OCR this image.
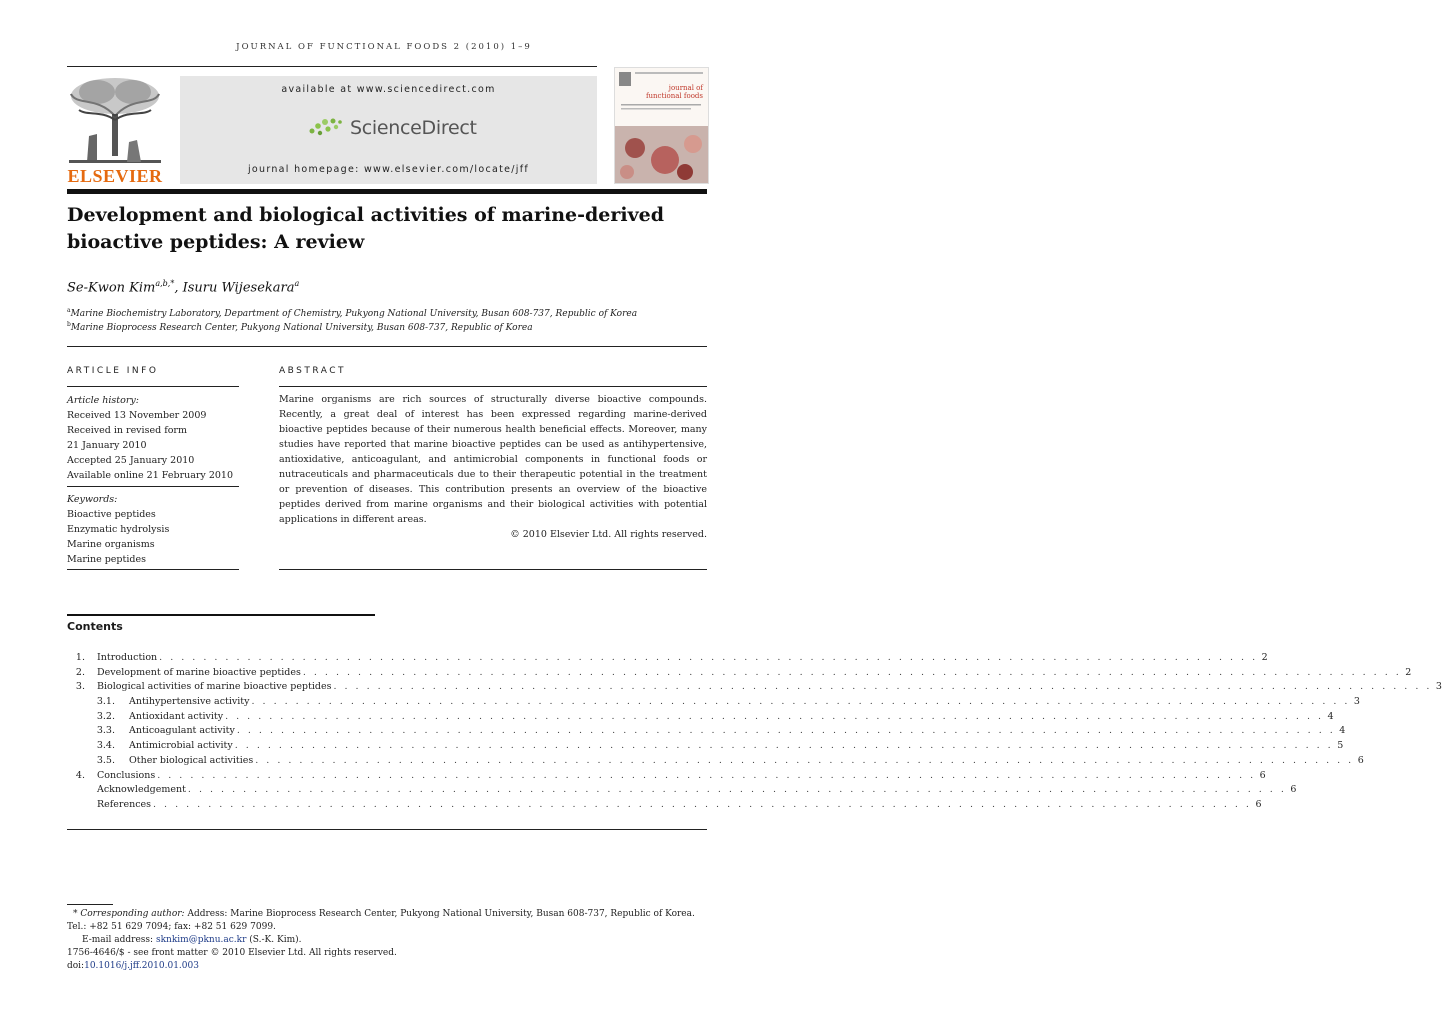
JOURNAL OF FUNCTIONAL FOODS 2 (2010) 1–9
ELSEVIER
available at www.sciencedirect.com
ScienceDirect
journal homepage: www.elsevier.com/locate/jff
journal of
functional foods
Development and biological activities of marine-derived
bioactive peptides: A review
Se-Kwon Kim$^{a,b,*}$, Isuru Wijesekara$^a$
$^a$Marine Biochemistry Laboratory, Department of Chemistry, Pukyong National University, Busan 608-737, Republic of Korea
$^b$Marine Bioprocess Research Center, Pukyong National University, Busan 608-737, Republic of Korea
ARTICLE INFO
Article history:
Received 13 November 2009
Received in revised form
21 January 2010
Accepted 25 January 2010
Available online 21 February 2010
Keywords:
Bioactive peptides
Enzymatic hydrolysis
Marine organisms
Marine peptides
ABSTRACT
Marine organisms are rich sources of structurally diverse bioactive compounds. Recently, a great deal of interest has been expressed regarding marine-derived bioactive peptides because of their numerous health beneficial effects. Moreover, many studies have reported that marine bioactive peptides can be used as antihypertensive, antioxidative, anticoagulant, and antimicrobial components in functional foods or nutraceuticals and pharmaceuticals due to their therapeutic potential in the treatment or prevention of diseases. This contribution presents an overview of the bioactive peptides derived from marine organisms and their biological activities with potential applications in different areas.
© 2010 Elsevier Ltd. All rights reserved.
Contents
1. Introduction . . . . . . . . . . . . . . . . . . . . . . . . . . . . . . . . . . . . . . . . . . . . . . . . . . . . . . . . . . . . . . . . . . . . . . . . . . . . . . . . . . . . . . . . . . . . . . . . . . . . 2
2. Development of marine bioactive peptides . . . . . . . . . . . . . . . . . . . . . . . . . . . . . . . . . . . . . . . . . . . . . . . . . . . . . . . . . . . . . . . . . . . . . . . . . . . . . . . . . . . . . . . . . . . . . . . . . . . . 2
3. Biological activities of marine bioactive peptides . . . . . . . . . . . . . . . . . . . . . . . . . . . . . . . . . . . . . . . . . . . . . . . . . . . . . . . . . . . . . . . . . . . . . . . . . . . . . . . . . . . . . . . . . . . . . . . . . . . . 3
3.1. Antihypertensive activity . . . . . . . . . . . . . . . . . . . . . . . . . . . . . . . . . . . . . . . . . . . . . . . . . . . . . . . . . . . . . . . . . . . . . . . . . . . . . . . . . . . . . . . . . . . . . . . . . . . . 3
3.2. Antioxidant activity . . . . . . . . . . . . . . . . . . . . . . . . . . . . . . . . . . . . . . . . . . . . . . . . . . . . . . . . . . . . . . . . . . . . . . . . . . . . . . . . . . . . . . . . . . . . . . . . . . . . 4
3.3. Anticoagulant activity . . . . . . . . . . . . . . . . . . . . . . . . . . . . . . . . . . . . . . . . . . . . . . . . . . . . . . . . . . . . . . . . . . . . . . . . . . . . . . . . . . . . . . . . . . . . . . . . . . . . 4
3.4. Antimicrobial activity . . . . . . . . . . . . . . . . . . . . . . . . . . . . . . . . . . . . . . . . . . . . . . . . . . . . . . . . . . . . . . . . . . . . . . . . . . . . . . . . . . . . . . . . . . . . . . . . . . . . 5
3.5. Other biological activities . . . . . . . . . . . . . . . . . . . . . . . . . . . . . . . . . . . . . . . . . . . . . . . . . . . . . . . . . . . . . . . . . . . . . . . . . . . . . . . . . . . . . . . . . . . . . . . . . . . . 6
4. Conclusions . . . . . . . . . . . . . . . . . . . . . . . . . . . . . . . . . . . . . . . . . . . . . . . . . . . . . . . . . . . . . . . . . . . . . . . . . . . . . . . . . . . . . . . . . . . . . . . . . . . . 6
Acknowledgement . . . . . . . . . . . . . . . . . . . . . . . . . . . . . . . . . . . . . . . . . . . . . . . . . . . . . . . . . . . . . . . . . . . . . . . . . . . . . . . . . . . . . . . . . . . . . . . . . . . . 6
References . . . . . . . . . . . . . . . . . . . . . . . . . . . . . . . . . . . . . . . . . . . . . . . . . . . . . . . . . . . . . . . . . . . . . . . . . . . . . . . . . . . . . . . . . . . . . . . . . . . . 6
* Corresponding author: Address: Marine Bioprocess Research Center, Pukyong National University, Busan 608-737, Republic of Korea.
Tel.: +82 51 629 7094; fax: +82 51 629 7099.
E-mail address: sknkim@pknu.ac.kr (S.-K. Kim).
1756-4646/$ - see front matter © 2010 Elsevier Ltd. All rights reserved.
doi:10.1016/j.jff.2010.01.003
